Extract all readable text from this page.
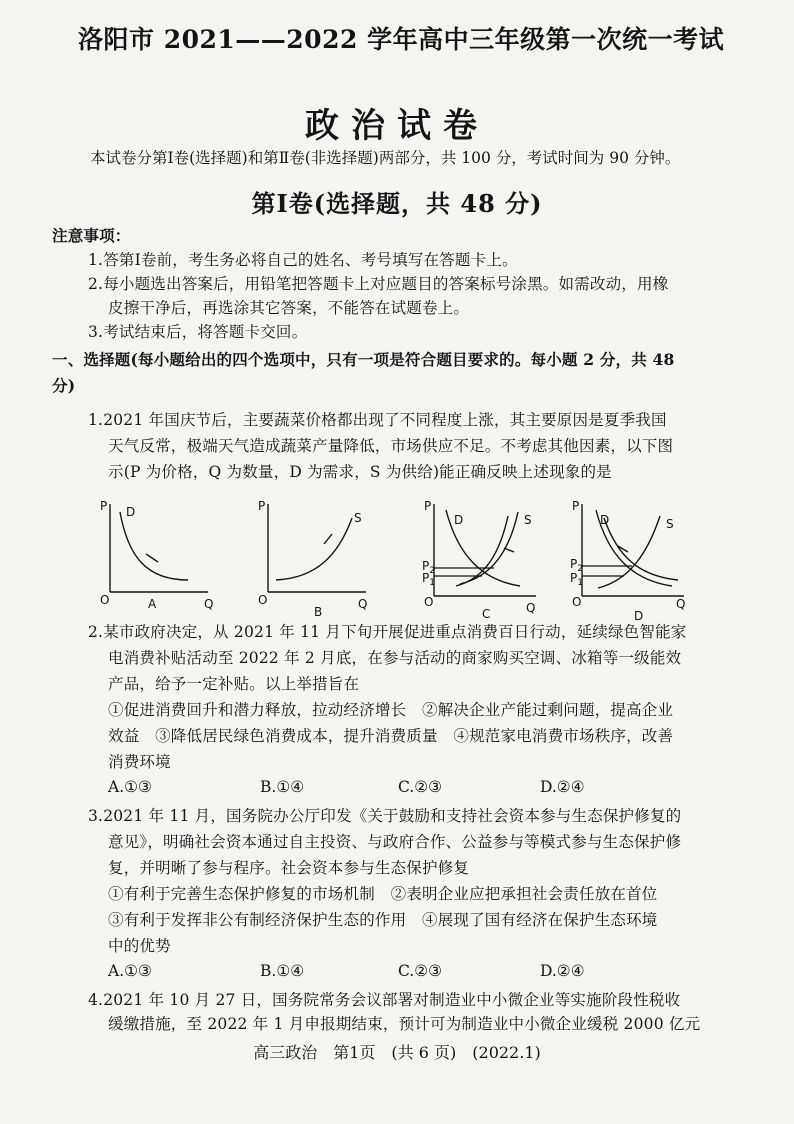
洛阳市 2021——2022 学年高中三年级第一次统一考试
政治试卷
本试卷分第Ⅰ卷(选择题)和第Ⅱ卷(非选择题)两部分，共 100 分，考试时间为 90 分钟。
第Ⅰ卷(选择题，共 48 分)
注意事项：
1.答第Ⅰ卷前，考生务必将自己的姓名、考号填写在答题卡上。
2.每小题选出答案后，用铅笔把答题卡上对应题目的答案标号涂黑。如需改动，用橡
皮擦干净后，再选涂其它答案，不能答在试题卷上。
3.考试结束后，将答题卡交回。
一、选择题(每小题给出的四个选项中，只有一项是符合题目要求的。每小题 2 分，共 48
分)
1.2021 年国庆节后，主要蔬菜价格都出现了不同程度上涨，其主要原因是夏季我国
天气反常，极端天气造成蔬菜产量降低，市场供应不足。不考虑其他因素，以下图
示(P 为价格，Q 为数量，D 为需求，S 为供给)能正确反映上述现象的是
P D
O	Q
A
P
S
O	Q
B
P
D	S
$P_2$
$P_1$
O	Q
C
P
D	S
$P_2$
$P_1$
O	Q
D
2.某市政府决定，从 2021 年 11 月下旬开展促进重点消费百日行动，延续绿色智能家
电消费补贴活动至 2022 年 2 月底，在参与活动的商家购买空调、冰箱等一级能效
产品，给予一定补贴。以上举措旨在
①促进消费回升和潜力释放，拉动经济增长　②解决企业产能过剩问题，提高企业
效益　③降低居民绿色消费成本，提升消费质量　④规范家电消费市场秩序，改善
消费环境
A.①③	B.①④	C.②③	D.②④
3.2021 年 11 月，国务院办公厅印发《关于鼓励和支持社会资本参与生态保护修复的
意见》，明确社会资本通过自主投资、与政府合作、公益参与等模式参与生态保护修
复，并明晰了参与程序。社会资本参与生态保护修复
①有利于完善生态保护修复的市场机制　②表明企业应把承担社会责任放在首位
③有利于发挥非公有制经济保护生态的作用　④展现了国有经济在保护生态环境
中的优势
A.①③	B.①④	C.②③	D.②④
4.2021 年 10 月 27 日，国务院常务会议部署对制造业中小微企业等实施阶段性税收
缓缴措施，至 2022 年 1 月申报期结束，预计可为制造业中小微企业缓税 2000 亿元
高三政治　第1页　(共 6 页)　(2022.1)
